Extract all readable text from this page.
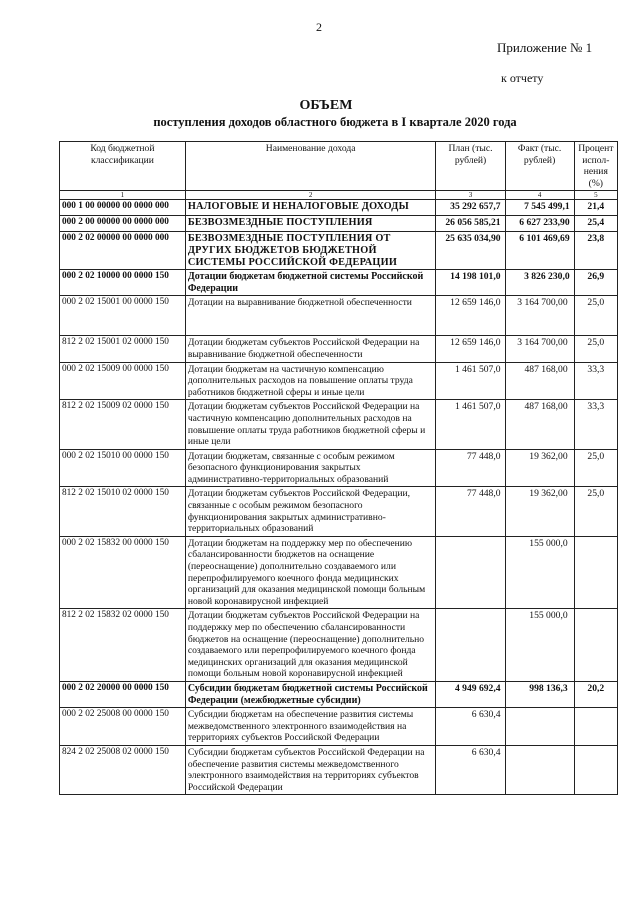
2
Приложение № 1
к отчету
ОБЪЕМ
поступления доходов областного бюджета в I квартале 2020 года
Код бюджетной классификации	Наименование дохода	План (тыс. рублей)	Факт (тыс. рублей)	Процент испол-нения (%)
1	2	3	4	5
000 1 00 00000 00 0000 000	НАЛОГОВЫЕ И НЕНАЛОГОВЫЕ ДОХОДЫ	35 292 657,7	7 545 499,1	21,4
000 2 00 00000 00 0000 000	БЕЗВОЗМЕЗДНЫЕ ПОСТУПЛЕНИЯ	26 056 585,21	6 627 233,90	25,4
000 2 02 00000 00 0000 000	БЕЗВОЗМЕЗДНЫЕ ПОСТУПЛЕНИЯ ОТ ДРУГИХ БЮДЖЕТОВ БЮДЖЕТНОЙ СИСТЕМЫ РОССИЙСКОЙ ФЕДЕРАЦИИ	25 635 034,90	6 101 469,69	23,8
000 2 02 10000 00 0000 150	Дотации бюджетам бюджетной системы Российской Федерации	14 198 101,0	3 826 230,0	26,9
000 2 02 15001 00 0000 150	Дотации на выравнивание бюджетной обеспеченности	12 659 146,0	3 164 700,00	25,0
812 2 02 15001 02 0000 150	Дотации бюджетам субъектов Российской Федерации на выравнивание бюджетной обеспеченности	12 659 146,0	3 164 700,00	25,0
000 2 02 15009 00 0000 150	Дотации бюджетам на частичную компенсацию дополнительных расходов на повышение оплаты труда работников бюджетной сферы и иные цели	1 461 507,0	487 168,00	33,3
812 2 02 15009 02 0000 150	Дотации бюджетам субъектов Российской Федерации на частичную компенсацию дополнительных расходов на повышение оплаты труда работников бюджетной сферы и иные цели	1 461 507,0	487 168,00	33,3
000 2 02 15010 00 0000 150	Дотации бюджетам, связанные с особым режимом безопасного функционирования закрытых административно-территориальных образований	77 448,0	19 362,00	25,0
812 2 02 15010 02 0000 150	Дотации бюджетам субъектов Российской Федерации, связанные с особым режимом безопасного функционирования закрытых административно-территориальных образований	77 448,0	19 362,00	25,0
000 2 02 15832 00 0000 150	Дотации бюджетам на поддержку мер по обеспечению сбалансированности бюджетов на оснащение (переоснащение) дополнительно создаваемого или перепрофилируемого коечного фонда медицинских организаций для оказания медицинской помощи больным новой коронавирусной инфекцией		155 000,0	
812 2 02 15832 02 0000 150	Дотации бюджетам субъектов Российской Федерации на поддержку мер по обеспечению сбалансированности бюджетов на оснащение (переоснащение) дополнительно создаваемого или перепрофилируемого коечного фонда медицинских организаций для оказания медицинской помощи больным новой коронавирусной инфекцией		155 000,0	
000 2 02 20000 00 0000 150	Субсидии бюджетам бюджетной системы Российской Федерации (межбюджетные субсидии)	4 949 692,4	998 136,3	20,2
000 2 02 25008 00 0000 150	Субсидии бюджетам на обеспечение развития системы межведомственного электронного взаимодействия на территориях субъектов Российской Федерации	6 630,4		
824 2 02 25008 02 0000 150	Субсидии бюджетам субъектов Российской Федерации на обеспечение развития системы межведомственного электронного взаимодействия на территориях субъектов Российской Федерации	6 630,4		
